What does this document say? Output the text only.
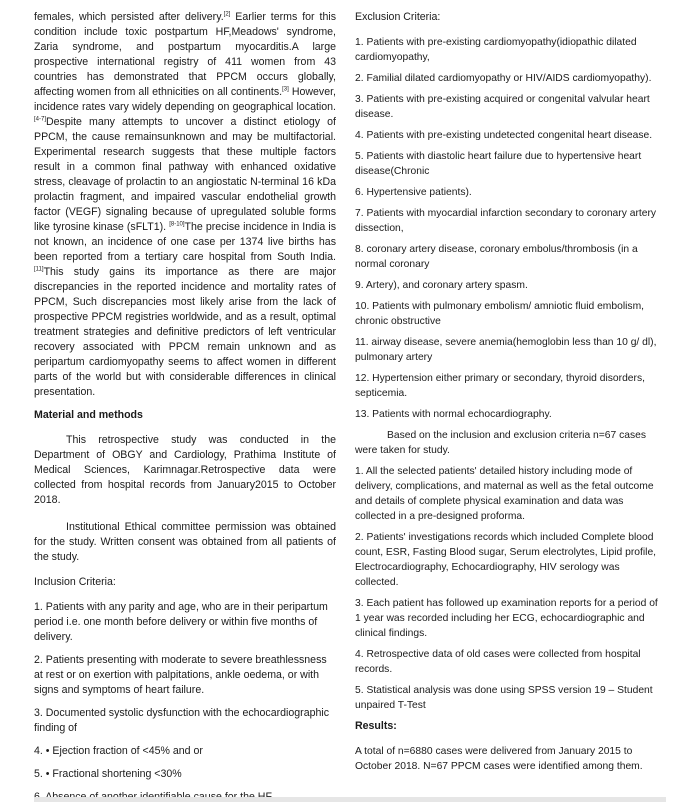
females, which persisted after delivery.[2] Earlier terms for this condition include toxic postpartum HF,Meadows' syndrome, Zaria syndrome, and postpartum myocarditis.A large prospective international registry of 411 women from 43 countries has demonstrated that PPCM occurs globally, affecting women from all ethnicities on all continents.[3] However, incidence rates vary widely depending on geographical location.[4-7]Despite many attempts to uncover a distinct etiology of PPCM, the cause remainsunknown and may be multifactorial. Experimental research suggests that these multiple factors result in a common final pathway with enhanced oxidative stress, cleavage of prolactin to an angiostatic N-terminal 16 kDa prolactin fragment, and impaired vascular endothelial growth factor (VEGF) signaling because of upregulated soluble forms like tyrosine kinase (sFLT1). [8-10]The precise incidence in India is not known, an incidence of one case per 1374 live births has been reported from a tertiary care hospital from South India. [11]This study gains its importance as there are major discrepancies in the reported incidence and mortality rates of PPCM, Such discrepancies most likely arise from the lack of prospective PPCM registries worldwide, and as a result, optimal treatment strategies and definitive predictors of left ventricular recovery associated with PPCM remain unknown and as peripartum cardiomyopathy seems to affect women in different parts of the world but with considerable differences in clinical presentation.

Material and methods

This retrospective study was conducted in the Department of OBGY and Cardiology, Prathima Institute of Medical Sciences, Karimnagar.Retrospective data were collected from hospital records from January2015 to October 2018.

Institutional Ethical committee permission was obtained for the study. Written consent was obtained from all patients of the study.

Inclusion Criteria:

1. Patients with any parity and age, who are in their peripartum period i.e. one month before delivery or within five months of delivery.

2. Patients presenting with moderate to severe breathlessness at rest or on exertion with palpitations, ankle oedema, or with signs and symptoms of heart failure.

3. Documented systolic dysfunction with the echocardiographic finding of

4. • Ejection fraction of <45% and or

5. • Fractional shortening <30%

Exclusion Criteria:

1. Patients with pre-existing cardiomyopathy(idiopathic dilated cardiomyopathy,

2. Familial dilated cardiomyopathy or HIV/AIDS cardiomyopathy).

3. Patients with pre-existing acquired or congenital valvular heart disease.

4. Patients with pre-existing undetected congenital heart disease.

5. Patients with diastolic heart failure due to hypertensive heart disease(Chronic

6. Hypertensive patients).

7. Patients with myocardial infarction secondary to coronary artery dissection,

8. coronary artery disease, coronary embolus/thrombosis (in a normal coronary

9. Artery), and coronary artery spasm.

10. Patients with pulmonary embolism/ amniotic fluid embolism, chronic obstructive

11. airway disease, severe anemia(hemoglobin less than 10 g/ dl), pulmonary artery

12. Hypertension either primary or secondary, thyroid disorders, septicemia.

13. Patients with normal echocardiography.

Based on the inclusion and exclusion criteria n=67 cases were taken for study.

1. All the selected patients' detailed history including mode of delivery, complications, and maternal as well as the fetal outcome and details of complete physical examination and data was collected in a pre-designed proforma.

2. Patients' investigations records which included Complete blood count, ESR, Fasting Blood sugar, Serum electrolytes, Lipid profile, Electrocardiography, Echocardiography, HIV serology was collected.

3. Each patient has followed up examination reports for a period of 1 year was recorded including her ECG, echocardiographic and clinical findings.

4. Retrospective data of old cases were collected from hospital records.

5. Statistical analysis was done using SPSS version 19 – Student unpaired T-Test

Results:

A total of n=6880 cases were delivered from January 2015 to October 2018. N=67 PPCM cases were identified among them.
